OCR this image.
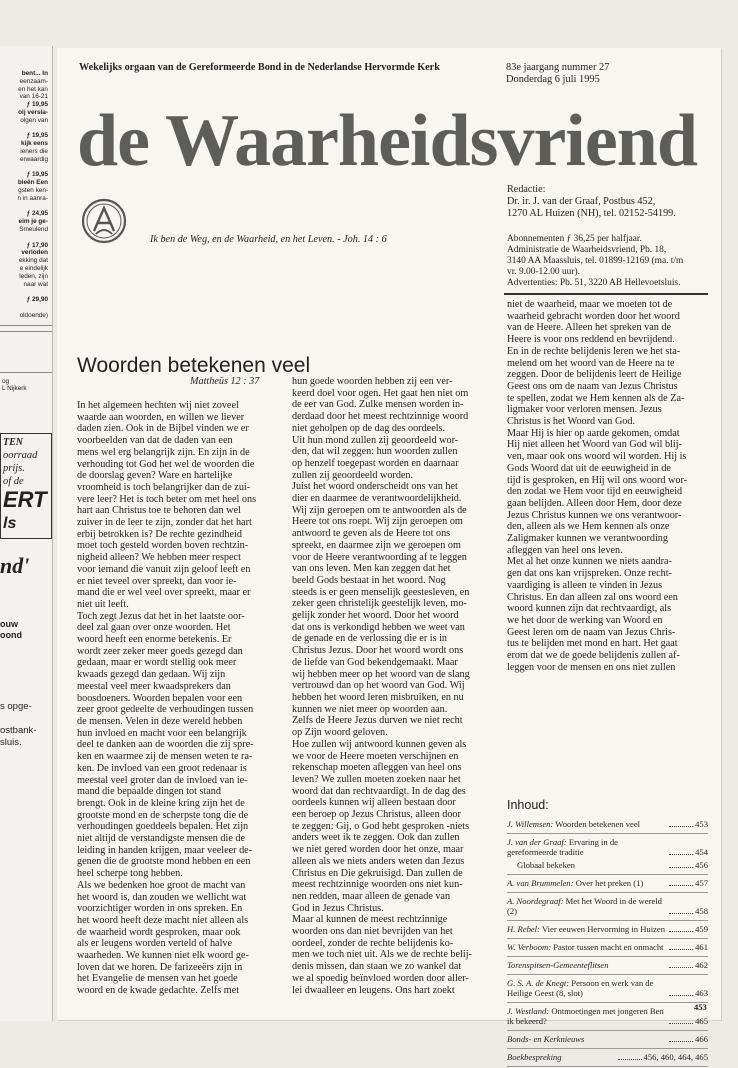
bent... In
eenzaam-
en het kan
van 16-21
ƒ 19,95
oij versla-
olgen van

ƒ 19,95
kijk eens
ieners die
erwaardig

ƒ 19,95
bieën Een
gsten ken-
n in aanra-

ƒ 24,95
eim je ge-
Smeulend

ƒ 17,90
verloden
ekking dat
e eindelijk
leden, zijn
naar wat

ƒ 29,90

oldoende)
og
L Nijkerk
TEN
oorraad
prijs.
of de
ERT
ls
nd'
ouw
oond
s opge-

ostbank-
sluis.
Wekelijks orgaan van de Gereformeerde Bond in de Nederlandse Hervormde Kerk	83e jaargang nummer 27
Donderdag 6 juli 1995
de Waarheidsvriend
Ik ben de Weg, en de Waarheid, en het Leven. - Joh. 14 : 6
Redactie:
Dr. ir. J. van der Graaf, Postbus 452,
1270 AL Huizen (NH), tel. 02152-54199.
Abonnementen ƒ 36,25 per halfjaar.
Administratie de Waarheidsvriend, Pb. 18,
3140 AA Maassluis, tel. 01899-12169 (ma. t/m
vr. 9.00-12.00 uur).
Advertenties: Pb. 51, 3220 AB Hellevoetsluis.
Woorden betekenen veel
Mattheüs 12 : 37
In het algemeen hechten wij niet zoveel
waarde aan woorden, en willen we liever
daden zien. Ook in de Bijbel vinden we er
voorbeelden van dat de daden van een
mens wel erg belangrijk zijn. En zijn in de
verhouding tot God het wel de woorden die
de doorslag geven? Ware en hartelijke
vroomheid is toch belangrijker dan de zui-
vere leer? Het is toch beter om met heel ons
hart aan Christus toe te behoren dan wel
zuiver in de leer te zijn, zonder dat het hart
erbij betrokken is? De rechte gezindheid
moet toch gesteld worden boven rechtzin-
nigheid alleen? We hebben meer respect
voor iemand die vanuit zijn geloof leeft en
er niet teveel over spreekt, dan voor ie-
mand die er wel veel over spreekt, maar er
niet uit leeft.
Toch zegt Jezus dat het in het laatste oor-
deel zal gaan over onze woorden. Het
woord heeft een enorme betekenis. Er
wordt zeer zeker meer goeds gezegd dan
gedaan, maar er wordt stellig ook meer
kwaads gezegd dan gedaan. Wij zijn
meestal veel meer kwaadsprekers dan
boosdoeners. Woorden bepalen voor een
zeer groot gedeelte de verhoudingen tussen
de mensen. Velen in deze wereld hebben
hun invloed en macht voor een belangrijk
deel te danken aan de woorden die zij spre-
ken en waarmee zij de mensen weten te ra-
ken. De invloed van een groot redenaar is
meestal veel groter dan de invloed van ie-
mand die bepaalde dingen tot stand
brengt. Ook in de kleine kring zijn het de
grootste mond en de scherpste tong die de
verhoudingen goeddeels bepalen. Het zijn
niet altijd de verstandigste mensen die de
leiding in handen krijgen, maar veeleer de-
genen die de grootste mond hebben en een
heel scherpe tong hebben.
Als we bedenken hoe groot de macht van
het woord is, dan zouden we wellicht wat
voorzichtiger worden in ons spreken. En
het woord heeft deze macht niet alleen als
de waarheid wordt gesproken, maar ook
als er leugens worden verteld of halve
waarheden. We kunnen niet elk woord ge-
loven dat we horen. De farizeeërs zijn in
het Evangelie de mensen van het goede
woord en de kwade gedachte. Zelfs met
hun goede woorden hebben zij een ver-
keerd doel voor ogen. Het gaat hen niet om
de eer van God. Zulke mensen worden in-
derdaad door het meest rechtzinnige woord
niet geholpen op de dag des oordeels.
Uit hun mond zullen zij geoordeeld wor-
den, dat wil zeggen: hun woorden zullen
op henzelf toegepast worden en daarnaar
zullen zij geoordeeld worden.
Juist het woord onderscheidt ons van het
dier en daarmee de verantwoordelijkheid.
Wij zijn geroepen om te antwoorden als de
Heere tot ons roept. Wij zijn geroepen om
antwoord te geven als de Heere tot ons
spreekt, en daarmee zijn we geroepen om
voor de Heere verantwoording af te leggen
van ons leven. Men kan zeggen dat het
beeld Gods bestaat in het woord. Nog
steeds is er geen menselijk geestesleven, en
zeker geen christelijk geestelijk leven, mo-
gelijk zonder het woord. Door het woord
dat ons is verkondigd hebben we weet van
de genade en de verlossing die er is in
Christus Jezus. Door het woord wordt ons
de liefde van God bekendgemaakt. Maar
wij hebben meer op het woord van de slang
vertrouwd dan op het woord van God. Wij
hebben het woord leren misbruiken, en nu
kunnen we niet meer op woorden aan.
Zelfs de Heere Jezus durven we niet recht
op Zijn woord geloven.
Hoe zullen wij antwoord kunnen geven als
we voor de Heere moeten verschijnen en
rekenschap moeten afleggen van heel ons
leven? We zullen moeten zoeken naar het
woord dat dan rechtvaardigt. In de dag des
oordeels kunnen wij alleen bestaan door
een beroep op Jezus Christus, alleen door
te zeggen: Gij, o God hebt gesproken -niets
anders weet ik te zeggen. Ook dan zullen
we niet gered worden door het onze, maar
alleen als we niets anders weten dan Jezus
Christus en Die gekruisigd. Dan zullen de
meest rechtzinnige woorden ons niet kun-
nen redden, maar alleen de genade van
God in Jezus Christus.
Maar al kunnen de meest rechtzinnige
woorden ons dan niet bevrijden van het
oordeel, zonder de rechte belijdenis ko-
men we toch niet uit. Als we de rechte belij-
denis missen, dan staan we zo wankel dat
we al spoedig beïnvloed worden door aller-
lei dwaalleer en leugens. Ons hart zoekt
niet de waarheid, maar we moeten tot de
waarheid gebracht worden door het woord
van de Heere. Alleen het spreken van de
Heere is voor ons reddend en bevrijdend.
En in de rechte belijdenis leren we het sta-
melend om het woord van de Heere na te
zeggen. Door de belijdenis leert de Heilige
Geest ons om de naam van Jezus Christus
te spellen, zodat we Hem kennen als de Za-
ligmaker voor verloren mensen. Jezus
Christus is het Woord van God.
Maar Hij is hier op aarde gekomen, omdat
Hij niet alleen het Woord van God wil blij-
ven, maar ook ons woord wil worden. Hij is
Gods Woord dat uit de eeuwigheid in de
tijd is gesproken, en Hij wil ons woord wor-
den zodat we Hem voor tijd en eeuwigheid
gaan belijden. Alleen door Hem, door deze
Jezus Christus kunnen we ons verantwoor-
den, alleen als we Hem kennen als onze
Zaligmaker kunnen we verantwoording
afleggen van heel ons leven.
Met al het onze kunnen we niets aandra-
gen dat ons kan vrijspreken. Onze recht-
vaardiging is alleen te vinden in Jezus
Christus. En dan alleen zal ons woord een
woord kunnen zijn dat rechtvaardigt, als
we het door de werking van Woord en
Geest leren om de naam van Jezus Chris-
tus te belijden met mond en hart. Het gaat
erom dat we de goede belijdenis zullen af-
leggen voor de mensen en ons niet zullen
Inhoud:
J. Willemsen: Woorden betekenen veel	453
J. van der Graaf: Ervaring in de gereformeerde traditie	454
Globaal bekeken	456
A. van Brummelen: Over het preken (1)	457
A. Noordegraaf: Met het Woord in de wereld (2)	458
H. Rebel: Vier eeuwen Hervorming in Huizen	459
W. Verboom: Pastor tussen macht en onmacht	461
Torenspitsen-Gemeenteflitsen	462
G. S. A. de Knegt: Persoon en werk van de Heilige Geest (8, slot)	463
J. Westland: Ontmoetingen met jongeren Ben ik bekeerd?	465
Bonds- en Kerknieuws	466
Boekbespreking	456, 460, 464, 465
453
